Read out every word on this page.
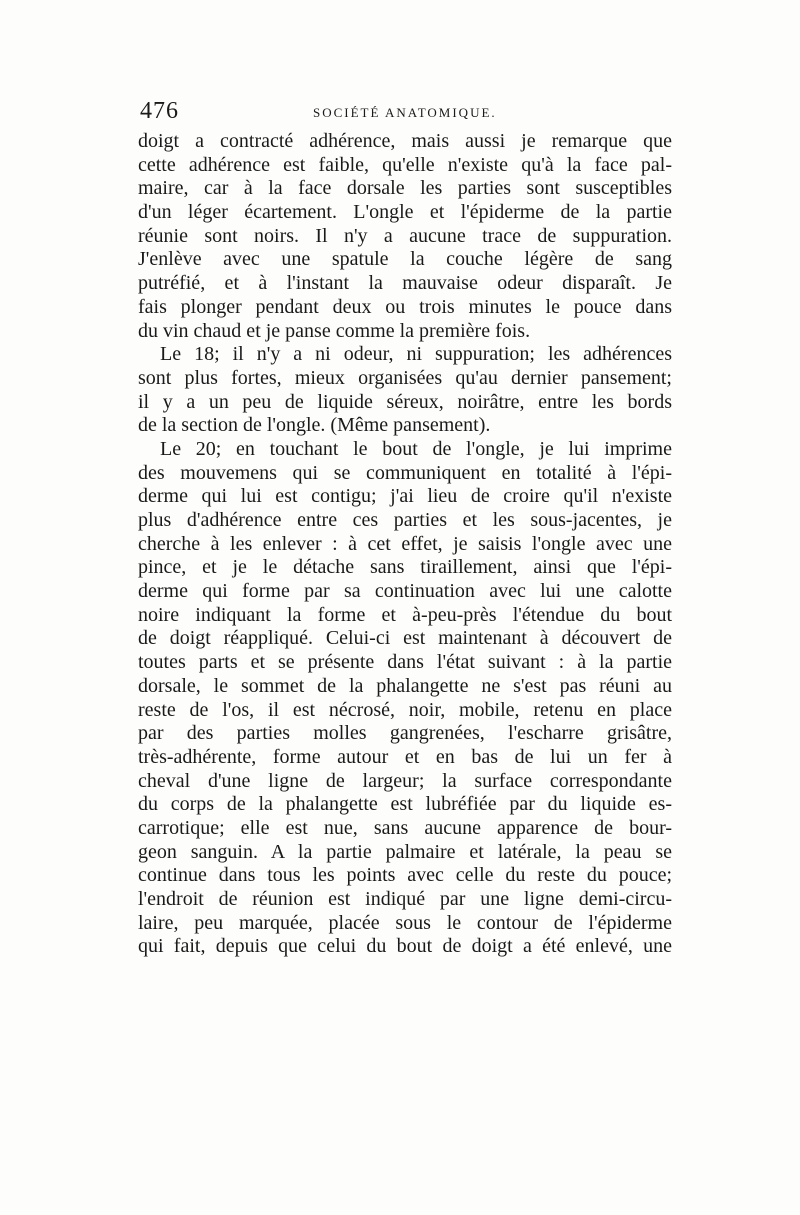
476	SOCIÉTÉ ANATOMIQUE.
doigt a contracté adhérence, mais aussi je remarque que
cette adhérence est faible, qu'elle n'existe qu'à la face pal-
maire, car à la face dorsale les parties sont susceptibles
d'un léger écartement. L'ongle et l'épiderme de la partie
réunie sont noirs. Il n'y a aucune trace de suppuration.
J'enlève avec une spatule la couche légère de sang
putréfié, et à l'instant la mauvaise odeur disparaît. Je
fais plonger pendant deux ou trois minutes le pouce dans
du vin chaud et je panse comme la première fois.
Le 18; il n'y a ni odeur, ni suppuration; les adhérences
sont plus fortes, mieux organisées qu'au dernier pansement;
il y a un peu de liquide séreux, noirâtre, entre les bords
de la section de l'ongle. (Même pansement).
Le 20; en touchant le bout de l'ongle, je lui imprime
des mouvemens qui se communiquent en totalité à l'épi-
derme qui lui est contigu; j'ai lieu de croire qu'il n'existe
plus d'adhérence entre ces parties et les sous-jacentes, je
cherche à les enlever : à cet effet, je saisis l'ongle avec une
pince, et je le détache sans tiraillement, ainsi que l'épi-
derme qui forme par sa continuation avec lui une calotte
noire indiquant la forme et à-peu-près l'étendue du bout
de doigt réappliqué. Celui-ci est maintenant à découvert de
toutes parts et se présente dans l'état suivant : à la partie
dorsale, le sommet de la phalangette ne s'est pas réuni au
reste de l'os, il est nécrosé, noir, mobile, retenu en place
par des parties molles gangrenées, l'escharre grisâtre,
très-adhérente, forme autour et en bas de lui un fer à
cheval d'une ligne de largeur; la surface correspondante
du corps de la phalangette est lubréfiée par du liquide es-
carrotique; elle est nue, sans aucune apparence de bour-
geon sanguin. A la partie palmaire et latérale, la peau se
continue dans tous les points avec celle du reste du pouce;
l'endroit de réunion est indiqué par une ligne demi-circu-
laire, peu marquée, placée sous le contour de l'épiderme
qui fait, depuis que celui du bout de doigt a été enlevé, une
